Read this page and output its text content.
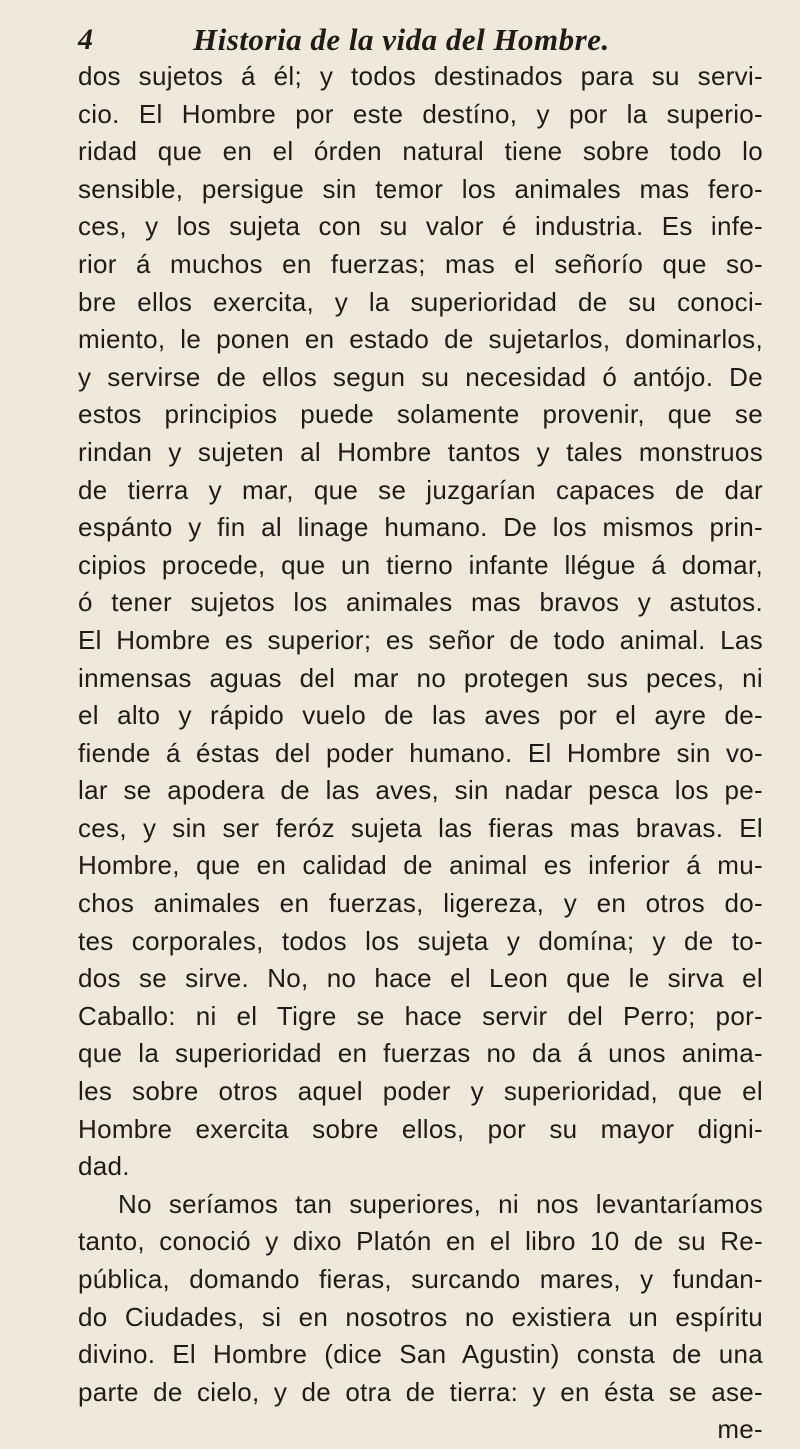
4	Historia de la vida del Hombre.
dos sujetos á él; y todos destinados para su servi-
cio. El Hombre por este destíno, y por la superio-
ridad que en el órden natural tiene sobre todo lo
sensible, persigue sin temor los animales mas fero-
ces, y los sujeta con su valor é industria. Es infe-
rior á muchos en fuerzas; mas el señorío que so-
bre ellos exercita, y la superioridad de su conoci-
miento, le ponen en estado de sujetarlos, dominarlos,
y servirse de ellos segun su necesidad ó antójo. De
estos principios puede solamente provenir, que se
rindan y sujeten al Hombre tantos y tales monstruos
de tierra y mar, que se juzgarían capaces de dar
espánto y fin al linage humano. De los mismos prin-
cipios procede, que un tierno infante llégue á domar,
ó tener sujetos los animales mas bravos y astutos.
El Hombre es superior; es señor de todo animal. Las
inmensas aguas del mar no protegen sus peces, ni
el alto y rápido vuelo de las aves por el ayre de-
fiende á éstas del poder humano. El Hombre sin vo-
lar se apodera de las aves, sin nadar pesca los pe-
ces, y sin ser feróz sujeta las fieras mas bravas. El
Hombre, que en calidad de animal es inferior á mu-
chos animales en fuerzas, ligereza, y en otros do-
tes corporales, todos los sujeta y domína; y de to-
dos se sirve. No, no hace el Leon que le sirva el
Caballo: ni el Tigre se hace servir del Perro; por-
que la superioridad en fuerzas no da á unos anima-
les sobre otros aquel poder y superioridad, que el
Hombre exercita sobre ellos, por su mayor digni-
dad.
No seríamos tan superiores, ni nos levantaríamos
tanto, conoció y dixo Platón en el libro 10 de su Re-
pública, domando fieras, surcando mares, y fundan-
do Ciudades, si en nosotros no existiera un espíritu
divino. El Hombre (dice San Agustin) consta de una
parte de cielo, y de otra de tierra: y en ésta se ase-
me-
